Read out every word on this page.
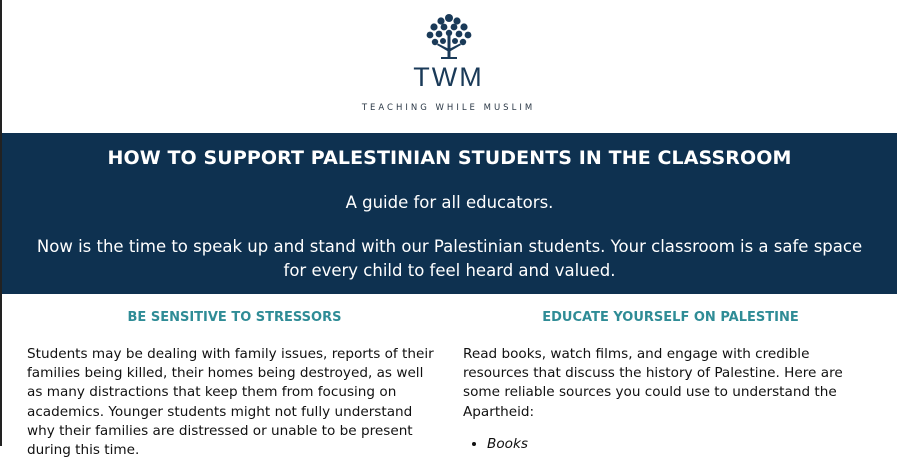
TWM
TEACHING WHILE MUSLIM
HOW TO SUPPORT PALESTINIAN STUDENTS IN THE CLASSROOM
A guide for all educators.
Now is the time to speak up and stand with our Palestinian students. Your classroom is a safe space for every child to feel heard and valued.
BE SENSITIVE TO STRESSORS

Students may be dealing with family issues, reports of their families being killed, their homes being destroyed, as well as many distractions that keep them from focusing on academics. Younger students might not fully understand why their families are distressed or unable to be present during this time.

EDUCATE YOURSELF ON PALESTINE

Read books, watch films, and engage with credible resources that discuss the history of Palestine. Here are some reliable sources you could use to understand the Apartheid:

• Books
